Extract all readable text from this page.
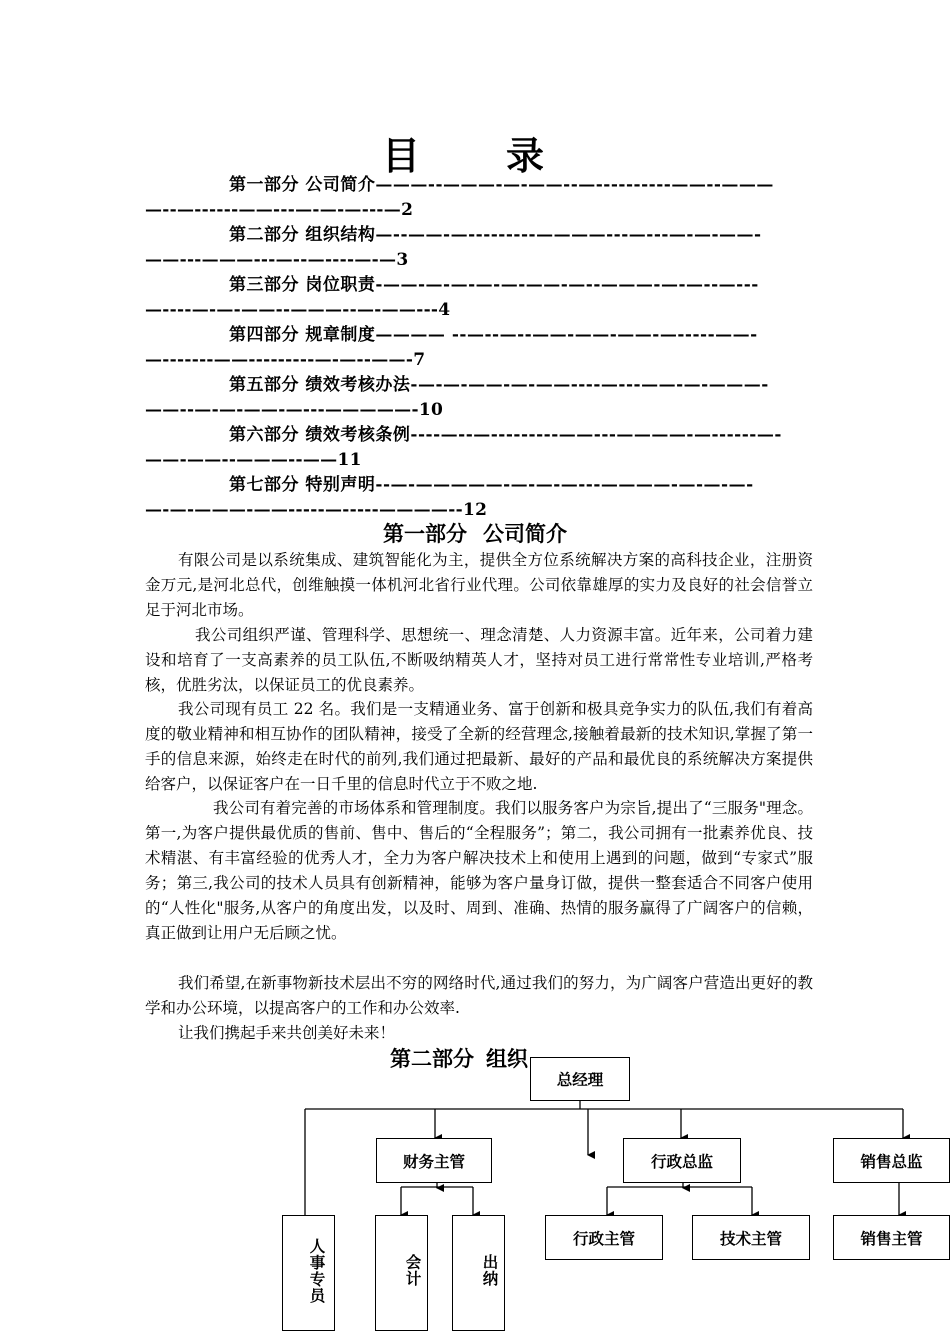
目　录
第一部分 公司简介———--———-—-——--—----------——--———
—--—------——---—-—-—---—2
第二部分 组织结构—--——-—---------————---—---—-—-——-
——---———---—--—----—-—3
第三部分 岗位职责-——-—-—-—-—-——-—--———-—-—--—---
—----—-—-——--———--—-——---4
第四部分 规章制度———— --—--—--——-——-——-—-----——-
—-------——---------—-—--——-7
第五部分 绩效考核办法-—-—-——-—-——----—---——-—-———-
——--—-—-——-—---—————-10
第六部分 绩效考核条例----—--—---------——---————-—------—-
——-——--———--——11
第七部分 特别声明--—-—————-—-—-—---————-—-—-—-
—-—-———-——-----—-----————--12
第一部分 公司简介

有限公司是以系统集成、建筑智能化为主，提供全方位系统解决方案的高科技企业，注册资金万元,是河北总代，创维触摸一体机河北省行业代理。公司依靠雄厚的实力及良好的社会信誉立足于河北市场。

我公司组织严谨、管理科学、思想统一、理念清楚、人力资源丰富。近年来，公司着力建设和培育了一支高素养的员工队伍,不断吸纳精英人才，坚持对员工进行常常性专业培训,严格考核，优胜劣汰，以保证员工的优良素养。

我公司现有员工 22 名。我们是一支精通业务、富于创新和极具竞争实力的队伍,我们有着高度的敬业精神和相互协作的团队精神，接受了全新的经营理念,接触着最新的技术知识,掌握了第一手的信息来源，始终走在时代的前列,我们通过把最新、最好的产品和最优良的系统解决方案提供给客户，以保证客户在一日千里的信息时代立于不败之地.

我公司有着完善的市场体系和管理制度。我们以服务客户为宗旨,提出了“三服务"理念。第一,为客户提供最优质的售前、售中、售后的“全程服务”；第二，我公司拥有一批素养优良、技术精湛、有丰富经验的优秀人才，全力为客户解决技术上和使用上遇到的问题，做到“专家式”服务；第三,我公司的技术人员具有创新精神，能够为客户量身订做，提供一整套适合不同客户使用的“人性化"服务,从客户的角度出发，以及时、周到、准确、热情的服务赢得了广阔客户的信赖，真正做到让用户无后顾之忧。

我们希望,在新事物新技术层出不穷的网络时代,通过我们的努力，为广阔客户营造出更好的教学和办公环境，以提高客户的工作和办公效率.

让我们携起手来共创美好未来！

第二部分 组织
总经理
财务主管	行政总监	销售总监
人事专员	会计	出纳
行政主管	技术主管	销售主管
